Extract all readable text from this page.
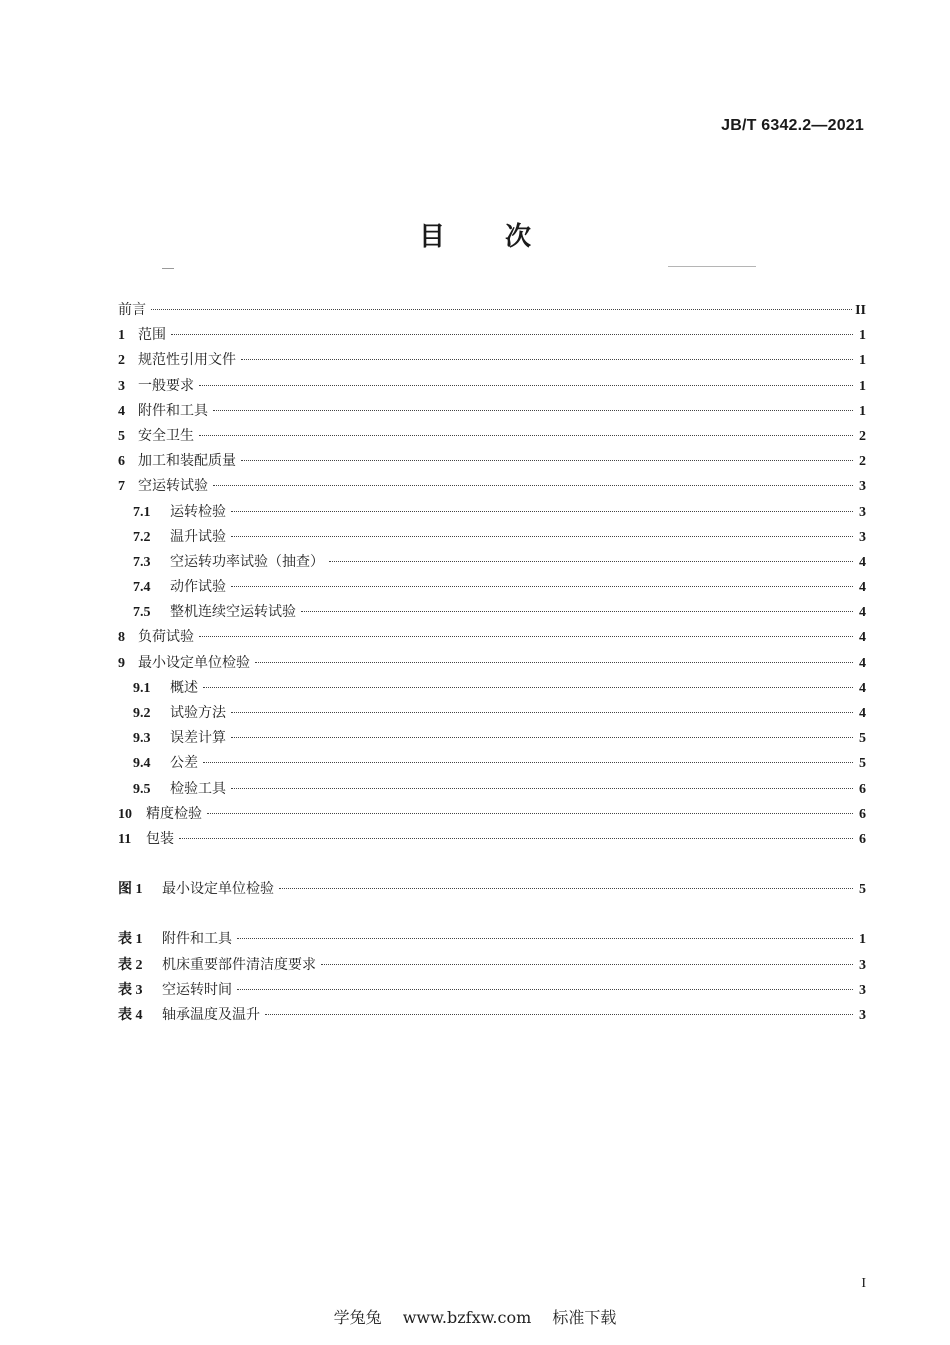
JB/T 6342.2—2021
目次
前言	II
1 范围	1
2 规范性引用文件	1
3 一般要求	1
4 附件和工具	1
5 安全卫生	2
6 加工和装配质量	2
7 空运转试验	3
7.1	运转检验	3
7.2	温升试验	3
7.3	空运转功率试验（抽查）	4
7.4	动作试验	4
7.5	整机连续空运转试验	4
8 负荷试验	4
9 最小设定单位检验	4
9.1	概述	4
9.2	试验方法	4
9.3	误差计算	5
9.4	公差	5
9.5	检验工具	6
10	精度检验	6
11	包装	6
图 1	最小设定单位检验	5
表 1	附件和工具	1
表 2	机床重要部件清洁度要求	3
表 3	空运转时间	3
表 4	轴承温度及温升	3
I
学兔兔 www.bzfxw.com 标准下载
